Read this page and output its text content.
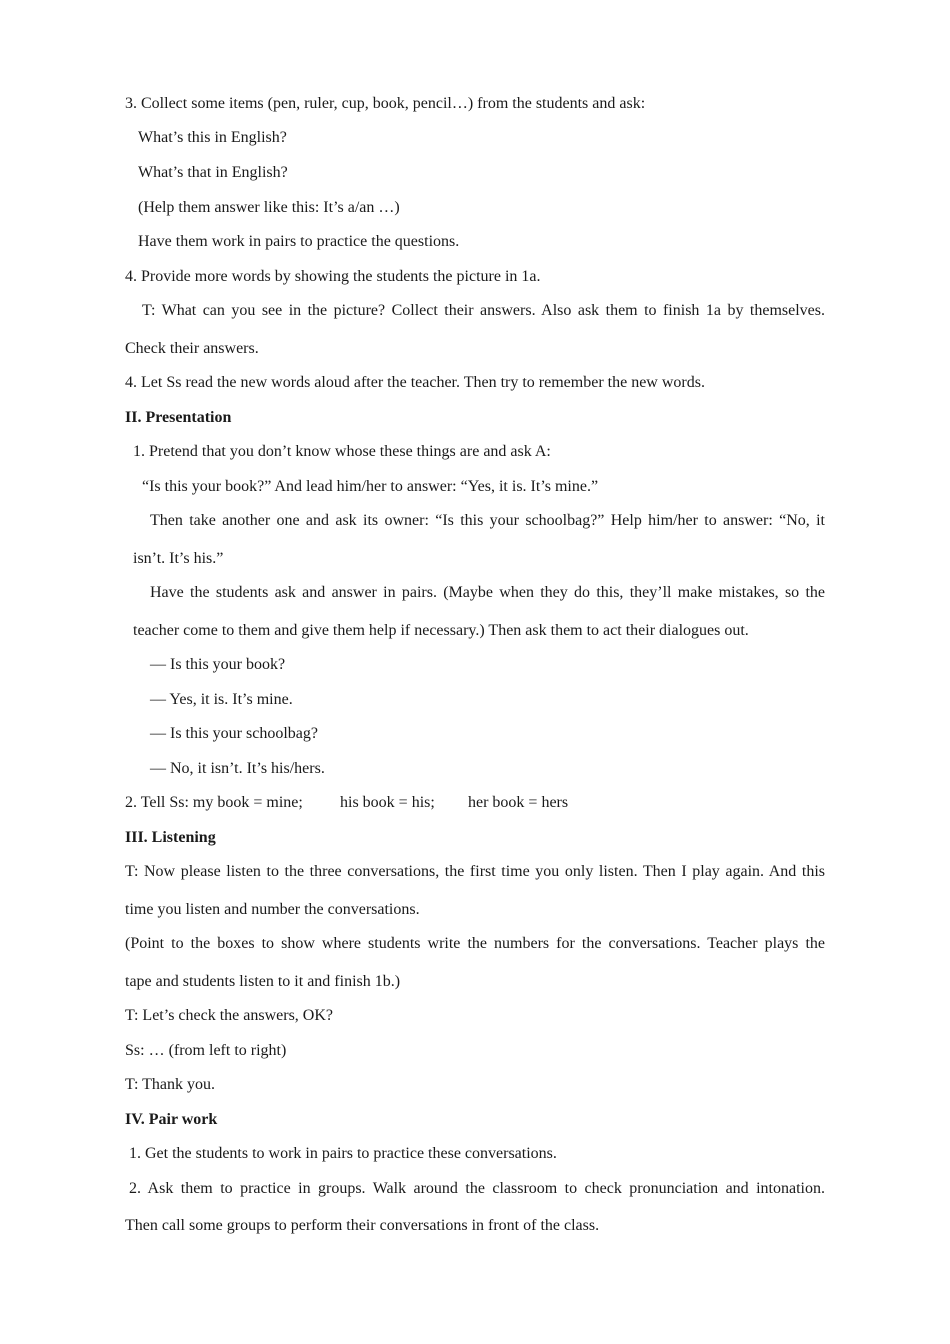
3. Collect some items (pen, ruler, cup, book, pencil…) from the students and ask:
What’s this in English?
What’s that in English?
(Help them answer like this: It’s a/an …)
Have them work in pairs to practice the questions.
4. Provide more words by showing the students the picture in 1a.
T: What can you see in the picture? Collect their answers. Also ask them to finish 1a by themselves.
Check their answers.
4. Let Ss read the new words aloud after the teacher. Then try to remember the new words.
II. Presentation
1. Pretend that you don’t know whose these things are and ask A:
“Is this your book?” And lead him/her to answer: “Yes, it is. It’s mine.”
Then take another one and ask its owner: “Is this your schoolbag?” Help him/her to answer: “No, it
isn’t. It’s his.”
Have the students ask and answer in pairs. (Maybe when they do this, they’ll make mistakes, so the
teacher come to them and give them help if necessary.) Then ask them to act their dialogues out.
— Is this your book?
— Yes, it is. It’s mine.
— Is this your schoolbag?
— No, it isn’t. It’s his/hers.
2. Tell Ss: my book = mine; his book = his; her book = hers
III. Listening
T: Now please listen to the three conversations, the first time you only listen. Then I play again. And this
time you listen and number the conversations.
(Point to the boxes to show where students write the numbers for the conversations. Teacher plays the
tape and students listen to it and finish 1b.)
T: Let’s check the answers, OK?
Ss: … (from left to right)
T: Thank you.
IV. Pair work
1. Get the students to work in pairs to practice these conversations.
2. Ask them to practice in groups. Walk around the classroom to check pronunciation and intonation.
Then call some groups to perform their conversations in front of the class.
